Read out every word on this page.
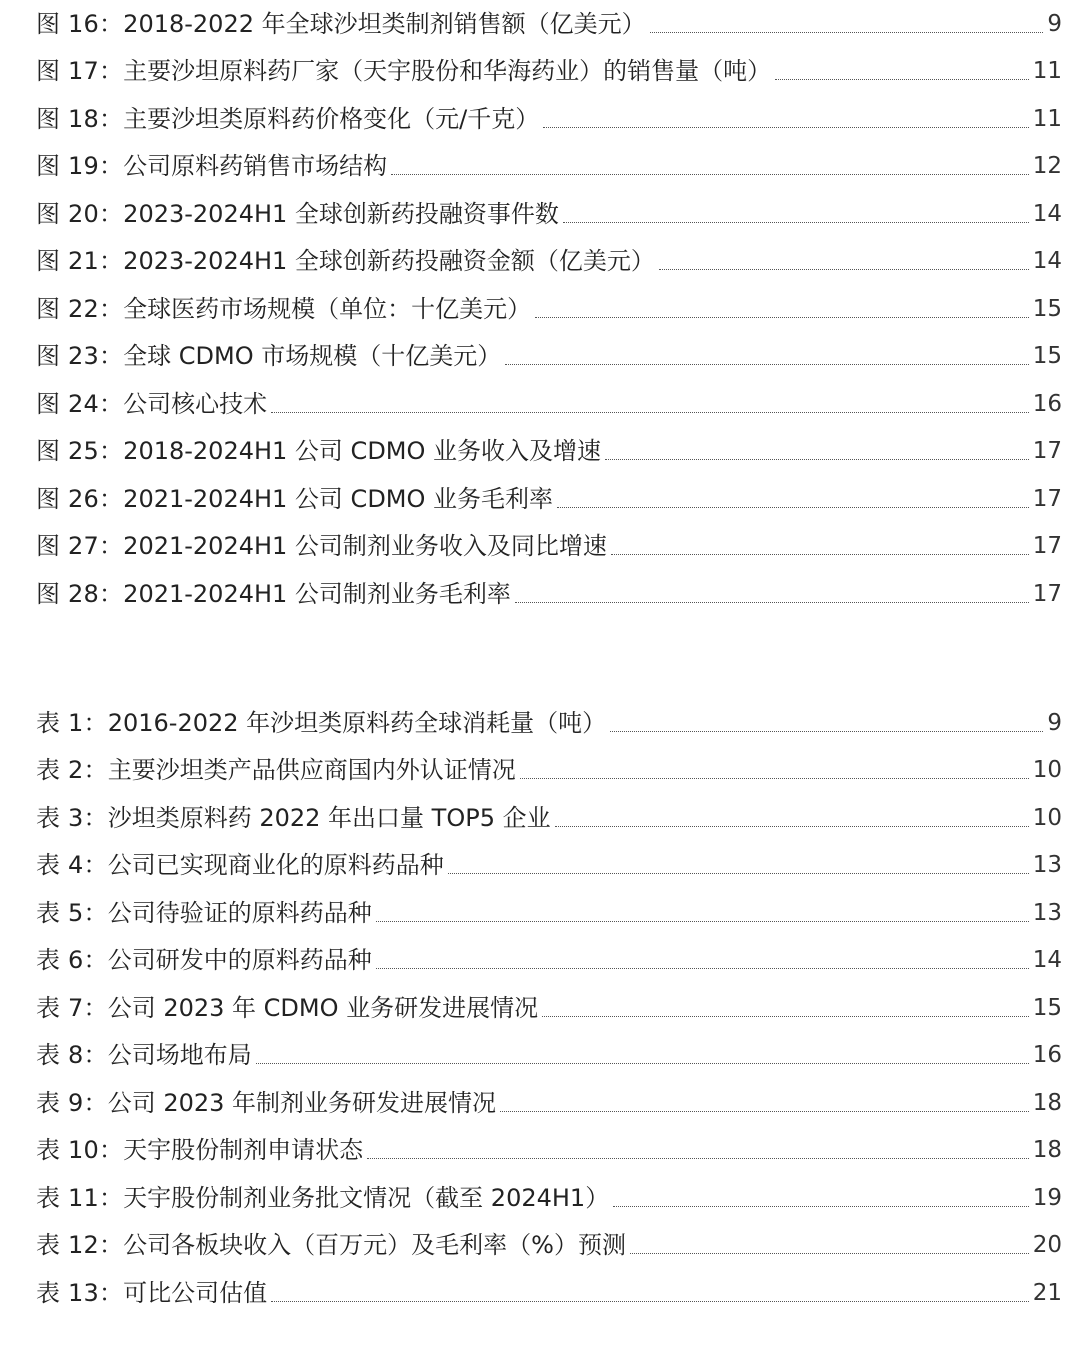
图 16： 2018-2022 年全球沙坦类制剂销售额（亿美元）	9
图 17： 主要沙坦原料药厂家（天宇股份和华海药业）的销售量（吨）	11
图 18： 主要沙坦类原料药价格变化（元/千克）	11
图 19： 公司原料药销售市场结构	12
图 20： 2023-2024H1 全球创新药投融资事件数	14
图 21： 2023-2024H1 全球创新药投融资金额（亿美元）	14
图 22： 全球医药市场规模（单位：十亿美元）	15
图 23： 全球 CDMO 市场规模（十亿美元）	15
图 24： 公司核心技术	16
图 25： 2018-2024H1 公司 CDMO 业务收入及增速	17
图 26： 2021-2024H1 公司 CDMO 业务毛利率	17
图 27： 2021-2024H1 公司制剂业务收入及同比增速	17
图 28： 2021-2024H1 公司制剂业务毛利率	17
表 1： 2016-2022 年沙坦类原料药全球消耗量（吨）	9
表 2： 主要沙坦类产品供应商国内外认证情况	10
表 3： 沙坦类原料药 2022 年出口量 TOP5 企业	10
表 4： 公司已实现商业化的原料药品种	13
表 5： 公司待验证的原料药品种	13
表 6： 公司研发中的原料药品种	14
表 7： 公司 2023 年 CDMO 业务研发进展情况	15
表 8： 公司场地布局	16
表 9： 公司 2023 年制剂业务研发进展情况	18
表 10： 天宇股份制剂申请状态	18
表 11： 天宇股份制剂业务批文情况（截至 2024H1）	19
表 12： 公司各板块收入（百万元）及毛利率（%）预测	20
表 13： 可比公司估值	21
